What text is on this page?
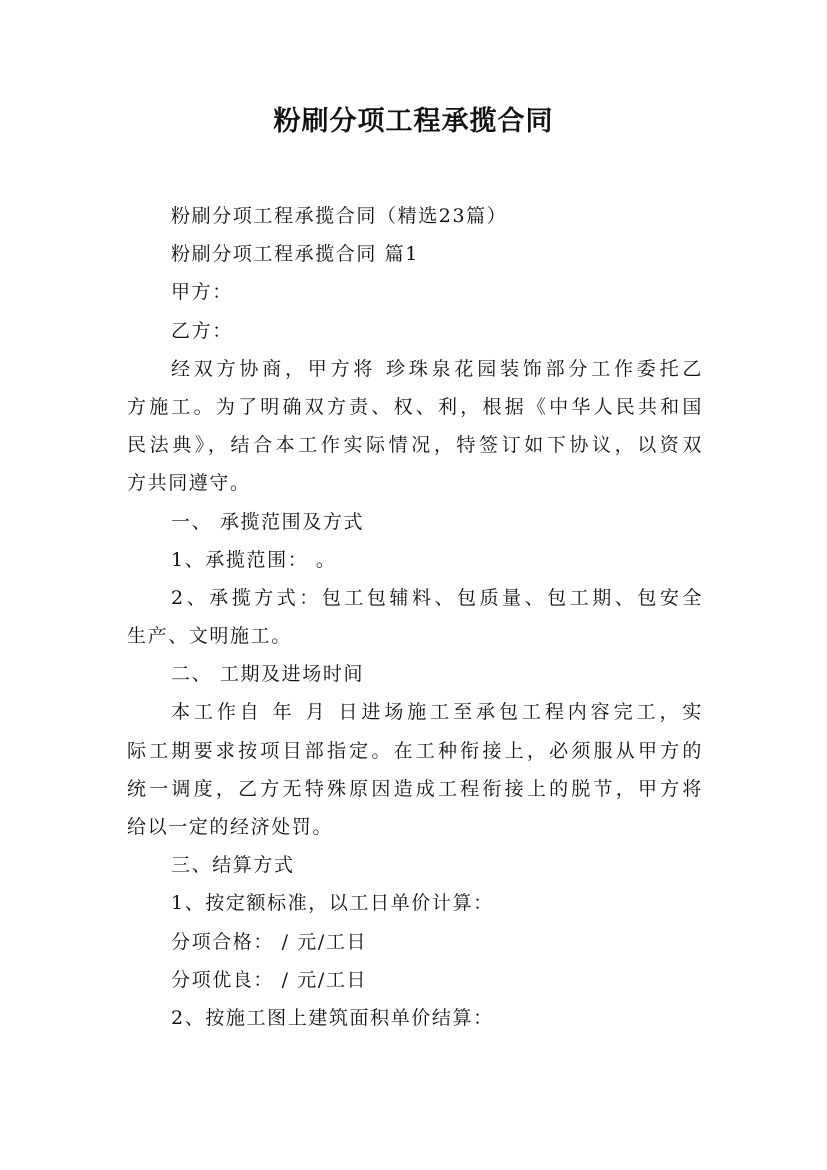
粉刷分项工程承揽合同
粉刷分项工程承揽合同（精选23篇）
粉刷分项工程承揽合同 篇1
甲方：
乙方：
经双方协商，甲方将 珍珠泉花园装饰部分工作委托乙
方施工。为了明确双方责、权、利，根据《中华人民共和国
民法典》，结合本工作实际情况，特签订如下协议，以资双
方共同遵守。
一、 承揽范围及方式
1、承揽范围： 。
2、承揽方式：包工包辅料、包质量、包工期、包安全
生产、文明施工。
二、 工期及进场时间
本工作自 年 月 日进场施工至承包工程内容完工，实
际工期要求按项目部指定。在工种衔接上，必须服从甲方的
统一调度，乙方无特殊原因造成工程衔接上的脱节，甲方将
给以一定的经济处罚。
三、结算方式
1、按定额标准，以工日单价计算：
分项合格： / 元/工日
分项优良： / 元/工日
2、按施工图上建筑面积单价结算：
